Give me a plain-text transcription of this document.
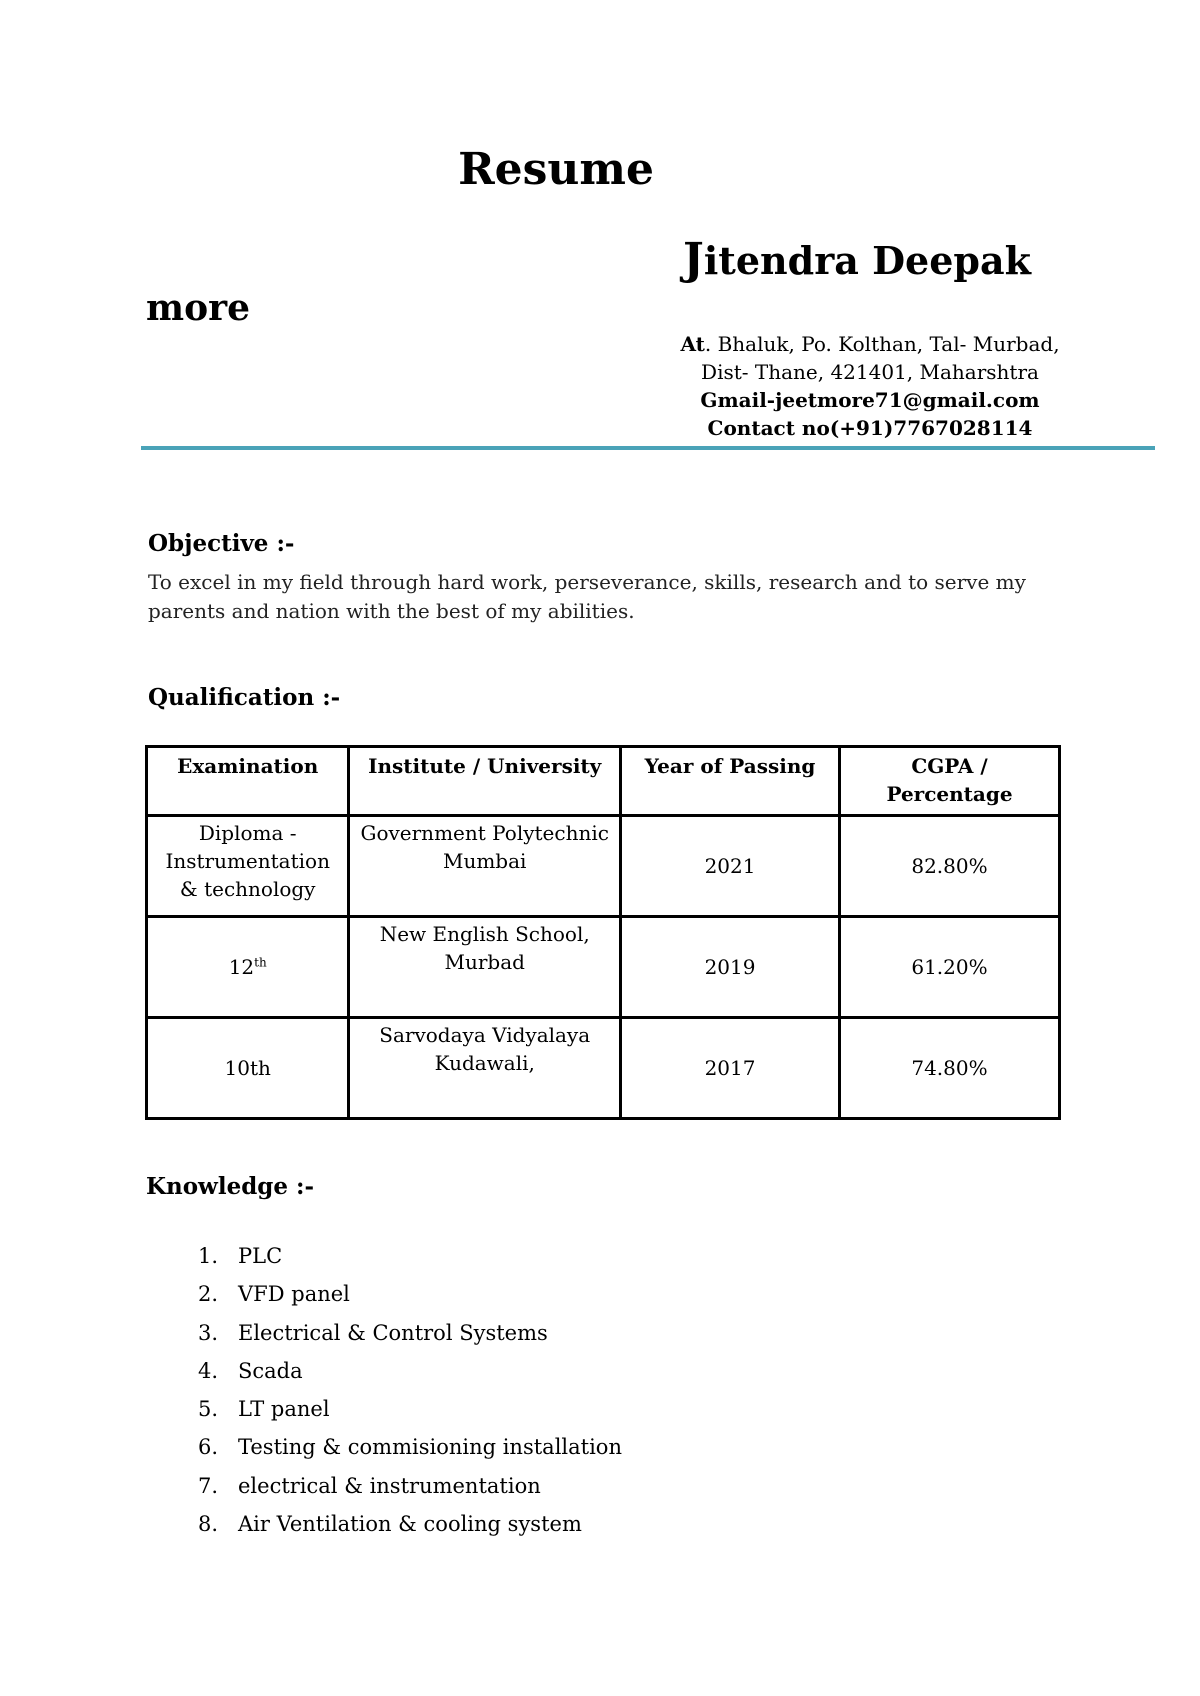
Resume
Jitendra Deepak
more
At. Bhaluk, Po. Kolthan, Tal- Murbad,
Dist- Thane, 421401, Maharshtra
Gmail-jeetmore71@gmail.com
Contact no(+91)7767028114
Objective :-
To excel in my field through hard work, perseverance, skills, research and to serve my parents and nation with the best of my abilities.
Qualification :-
Examination	Institute / University	Year of Passing	CGPA / Percentage
Diploma - Instrumentation & technology	Government Polytechnic Mumbai	2021	82.80%
12th	New English School, Murbad	2019	61.20%
10th	Sarvodaya Vidyalaya Kudawali,	2017	74.80%
Knowledge :-
1. PLC
2. VFD panel
3. Electrical & Control Systems
4. Scada
5. LT panel
6. Testing & commisioning installation
7. electrical & instrumentation
8. Air Ventilation & cooling system
